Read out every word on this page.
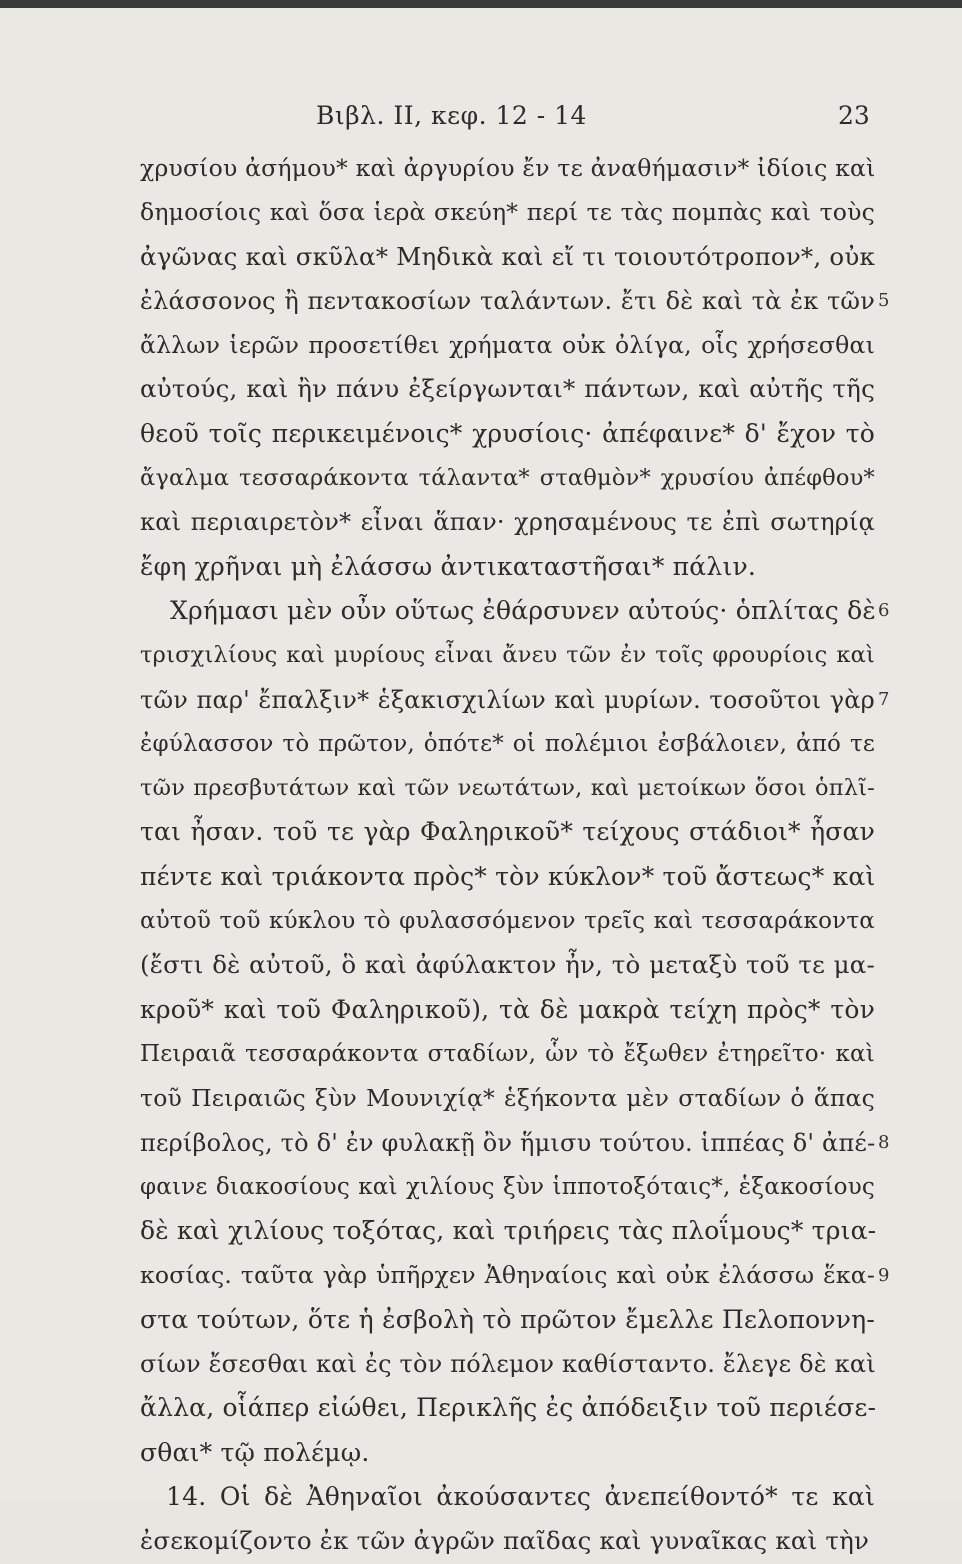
Βιβλ. II, κεφ. 12 - 14	23
χρυσίου ἀσήμου* καὶ ἀργυρίου ἔν τε ἀναθήμασιν* ἰδίοις καὶ
δημοσίοις καὶ ὅσα ἱερὰ σκεύη* περί τε τὰς πομπὰς καὶ τοὺς
ἀγῶνας καὶ σκῦλα* Μηδικὰ καὶ εἴ τι τοιουτότροπον*, οὐκ
ἐλάσσονος ἢ πεντακοσίων ταλάντων. ἔτι δὲ καὶ τὰ ἐκ τῶν
ἄλλων ἱερῶν προσετίθει χρήματα οὐκ ὀλίγα, οἷς χρήσεσθαι
αὐτούς, καὶ ἢν πάνυ ἐξείργωνται* πάντων, καὶ αὐτῆς τῆς
θεοῦ τοῖς περικειμένοις* χρυσίοις· ἀπέφαινε* δ' ἔχον τὸ
ἄγαλμα τεσσαράκοντα τάλαντα* σταθμὸν* χρυσίου ἀπέφθου*
καὶ περιαιρετὸν* εἶναι ἅπαν· χρησαμένους τε ἐπὶ σωτηρίᾳ
ἔφη χρῆναι μὴ ἐλάσσω ἀντικαταστῆσαι* πάλιν.
Χρήμασι μὲν οὖν οὕτως ἐθάρσυνεν αὐτούς· ὁπλίτας δὲ
τρισχιλίους καὶ μυρίους εἶναι ἄνευ τῶν ἐν τοῖς φρουρίοις καὶ
τῶν παρ' ἔπαλξιν* ἑξακισχιλίων καὶ μυρίων. τοσοῦτοι γὰρ
ἐφύλασσον τὸ πρῶτον, ὁπότε* οἱ πολέμιοι ἐσβάλοιεν, ἀπό τε
τῶν πρεσβυτάτων καὶ τῶν νεωτάτων, καὶ μετοίκων ὅσοι ὁπλῖ-
ται ἦσαν. τοῦ τε γὰρ Φαληρικοῦ* τείχους στάδιοι* ἦσαν
πέντε καὶ τριάκοντα πρὸς* τὸν κύκλον* τοῦ ἄστεως* καὶ
αὐτοῦ τοῦ κύκλου τὸ φυλασσόμενον τρεῖς καὶ τεσσαράκοντα
(ἔστι δὲ αὐτοῦ, ὃ καὶ ἀφύλακτον ἦν, τὸ μεταξὺ τοῦ τε μα-
κροῦ* καὶ τοῦ Φαληρικοῦ), τὰ δὲ μακρὰ τείχη πρὸς* τὸν
Πειραιᾶ τεσσαράκοντα σταδίων, ὧν τὸ ἔξωθεν ἐτηρεῖτο· καὶ
τοῦ Πειραιῶς ξὺν Μουνιχίᾳ* ἑξήκοντα μὲν σταδίων ὁ ἅπας
περίβολος, τὸ δ' ἐν φυλακῇ ὂν ἥμισυ τούτου. ἱππέας δ' ἀπέ-
φαινε διακοσίους καὶ χιλίους ξὺν ἱπποτοξόταις*, ἑξακοσίους
δὲ καὶ χιλίους τοξότας, καὶ τριήρεις τὰς πλοΐμους* τρια-
κοσίας. ταῦτα γὰρ ὑπῆρχεν Ἀθηναίοις καὶ οὐκ ἐλάσσω ἕκα-
στα τούτων, ὅτε ἡ ἐσβολὴ τὸ πρῶτον ἔμελλε Πελοποννη-
σίων ἔσεσθαι καὶ ἐς τὸν πόλεμον καθίσταντο. ἔλεγε δὲ καὶ
ἄλλα, οἷάπερ εἰώθει, Περικλῆς ἐς ἀπόδειξιν τοῦ περιέσε-
σθαι* τῷ πολέμῳ.
14. Οἱ δὲ Ἀθηναῖοι ἀκούσαντες ἀνεπείθοντό* τε καὶ
ἐσεκομίζοντο ἐκ τῶν ἀγρῶν παῖδας καὶ γυναῖκας καὶ τὴν
5
6
7
8
9
